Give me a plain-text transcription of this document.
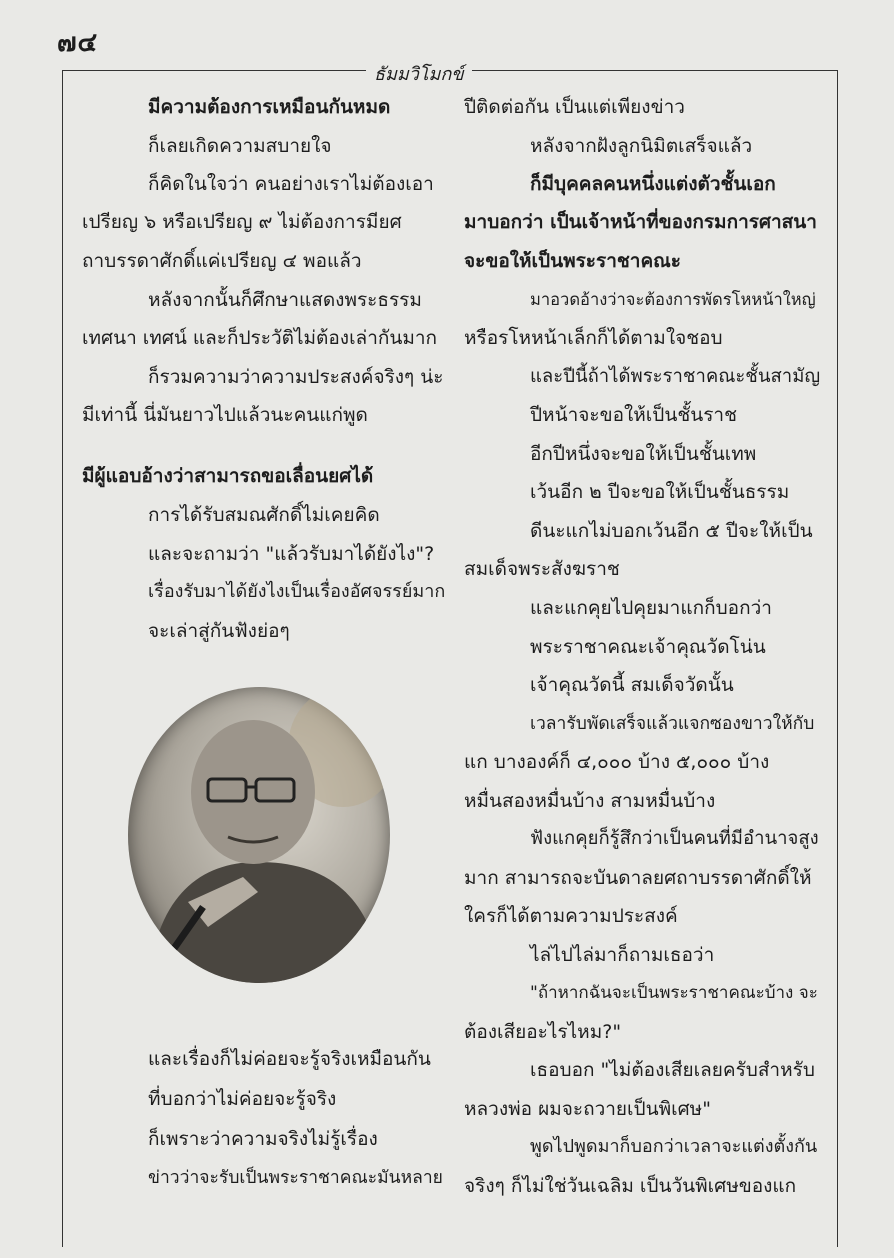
๗๔
ธัมมวิโมกข์
มีความต้องการเหมือนกันหมด
ก็เลยเกิดความสบายใจ
ก็คิดในใจว่า คนอย่างเราไม่ต้องเอา
เปรียญ ๖ หรือเปรียญ ๙ ไม่ต้องการมียศ
ถาบรรดาศักดิ์แค่เปรียญ ๔ พอแล้ว
หลังจากนั้นก็ศึกษาแสดงพระธรรม
เทศนา เทศน์ และก็ประวัติไม่ต้องเล่ากันมาก
ก็รวมความว่าความประสงค์จริงๆ น่ะ
มีเท่านี้ นี่มันยาวไปแล้วนะคนแก่พูด
มีผู้แอบอ้างว่าสามารถขอเลื่อนยศได้
การได้รับสมณศักดิ์ไม่เคยคิด
และจะถามว่า "แล้วรับมาได้ยังไง"?
เรื่องรับมาได้ยังไงเป็นเรื่องอัศจรรย์มาก
จะเล่าสู่กันฟังย่อๆ
และเรื่องก็ไม่ค่อยจะรู้จริงเหมือนกัน
ที่บอกว่าไม่ค่อยจะรู้จริง
ก็เพราะว่าความจริงไม่รู้เรื่อง
ข่าวว่าจะรับเป็นพระราชาคณะมันหลาย
ปีติดต่อกัน เป็นแต่เพียงข่าว
หลังจากฝังลูกนิมิตเสร็จแล้ว
ก็มีบุคคลคนหนึ่งแต่งตัวชั้นเอก
มาบอกว่า เป็นเจ้าหน้าที่ของกรมการศาสนา
จะขอให้เป็นพระราชาคณะ
มาอวดอ้างว่าจะต้องการพัดรโหหน้าใหญ่
หรือรโหหน้าเล็กก็ได้ตามใจชอบ
และปีนี้ถ้าได้พระราชาคณะชั้นสามัญ
ปีหน้าจะขอให้เป็นชั้นราช
อีกปีหนึ่งจะขอให้เป็นชั้นเทพ
เว้นอีก ๒ ปีจะขอให้เป็นชั้นธรรม
ดีนะแกไม่บอกเว้นอีก ๕ ปีจะให้เป็น
สมเด็จพระสังฆราช
และแกคุยไปคุยมาแกก็บอกว่า
พระราชาคณะเจ้าคุณวัดโน่น
เจ้าคุณวัดนี้ สมเด็จวัดนั้น
เวลารับพัดเสร็จแล้วแจกซองขาวให้กับ
แก บางองค์ก็ ๔,๐๐๐ บ้าง ๕,๐๐๐ บ้าง
หมื่นสองหมื่นบ้าง สามหมื่นบ้าง
ฟังแกคุยก็รู้สึกว่าเป็นคนที่มีอำนาจสูง
มาก สามารถจะบันดาลยศถาบรรดาศักดิ์ให้
ใครก็ได้ตามความประสงค์
ไล่ไปไล่มาก็ถามเธอว่า
"ถ้าหากฉันจะเป็นพระราชาคณะบ้าง จะ
ต้องเสียอะไรไหม?"
เธอบอก "ไม่ต้องเสียเลยครับสำหรับ
หลวงพ่อ ผมจะถวายเป็นพิเศษ"
พูดไปพูดมาก็บอกว่าเวลาจะแต่งตั้งกัน
จริงๆ ก็ไม่ใช่วันเฉลิม เป็นวันพิเศษของแก
